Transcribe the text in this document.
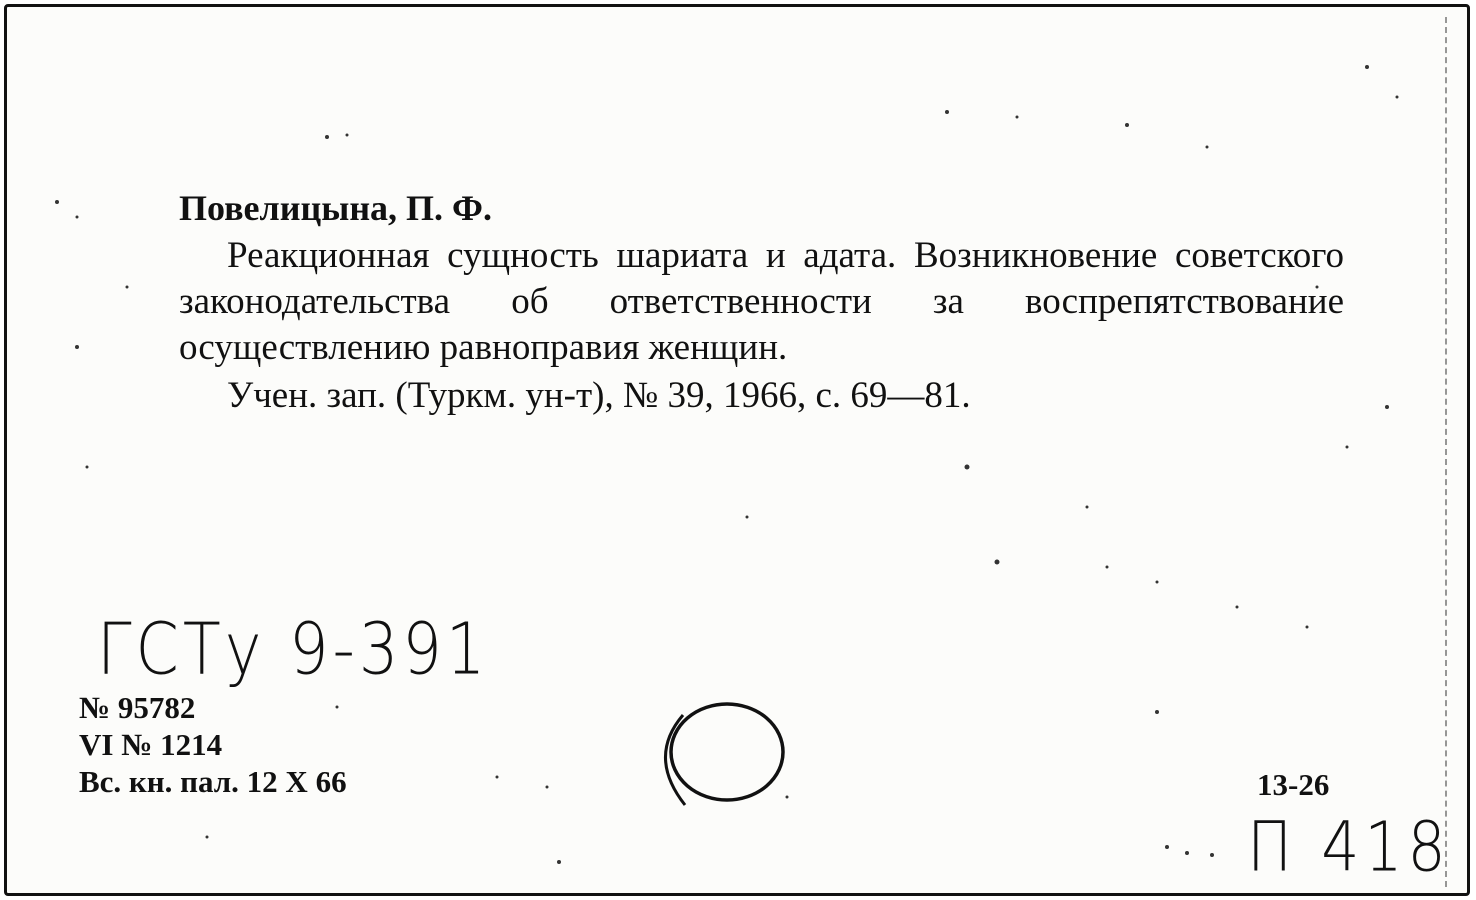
Повелицына, П. Ф.
Реакционная сущность шариата и адата. Возникновение советского законодательства об ответственности за воспрепятствование осуществлению равноправия женщин.
Учен. зап. (Туркм. ун-т), № 39, 1966, с. 69—81.
ГСТу 9-391
№ 95782
VI № 1214
Вс. кн. пал. 12 Х 66	13-26
П 418
